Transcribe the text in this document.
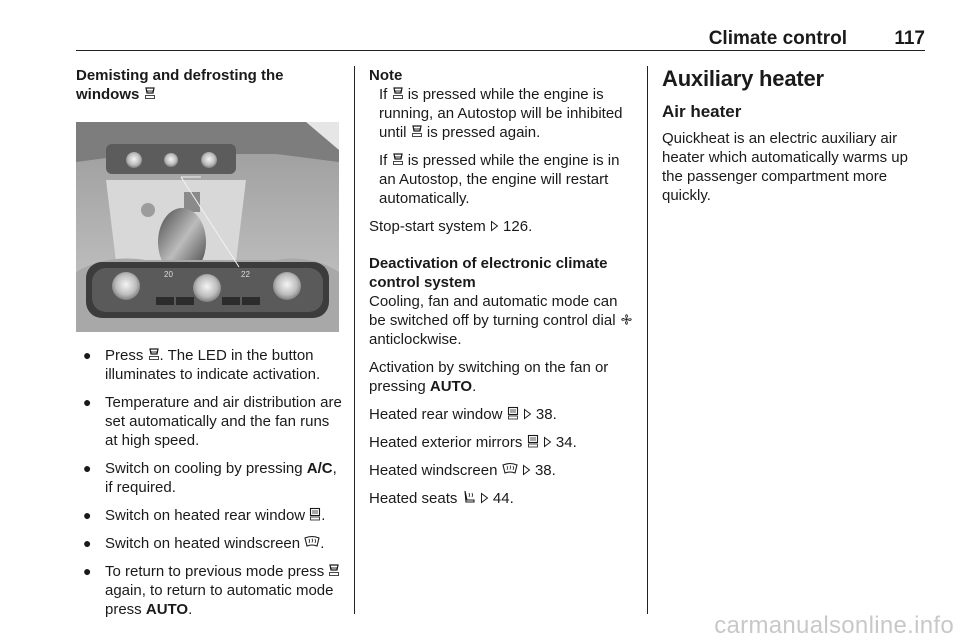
Climate control 117
Demisting and defrosting the
windows
20	22
● Press . The LED in the button illuminates to indicate activation.
● Temperature and air distribution are set automatically and the fan runs at high speed.
● Switch on cooling by pressing A/C, if required.
● Switch on heated rear window .
● Switch on heated windscreen .
● To return to previous mode press  again, to return to automatic mode press AUTO.
Note

If is pressed while the engine is running, an Autostop will be inhibited until is pressed again.

If is pressed while the engine is in an Autostop, the engine will restart automatically.

Stop-start system 126.

Deactivation of electronic climate control system

Cooling, fan and automatic mode can be switched off by turning control dial  anticlockwise.

Activation by switching on the fan or pressing AUTO.

Heated rear window 38.

Heated exterior mirrors 34.

Heated windscreen	38.

Heated seats 44.

Auxiliary heater
Air heater

Quickheat is an electric auxiliary air heater which automatically warms up the passenger compartment more quickly.

carmanualsonline.info
